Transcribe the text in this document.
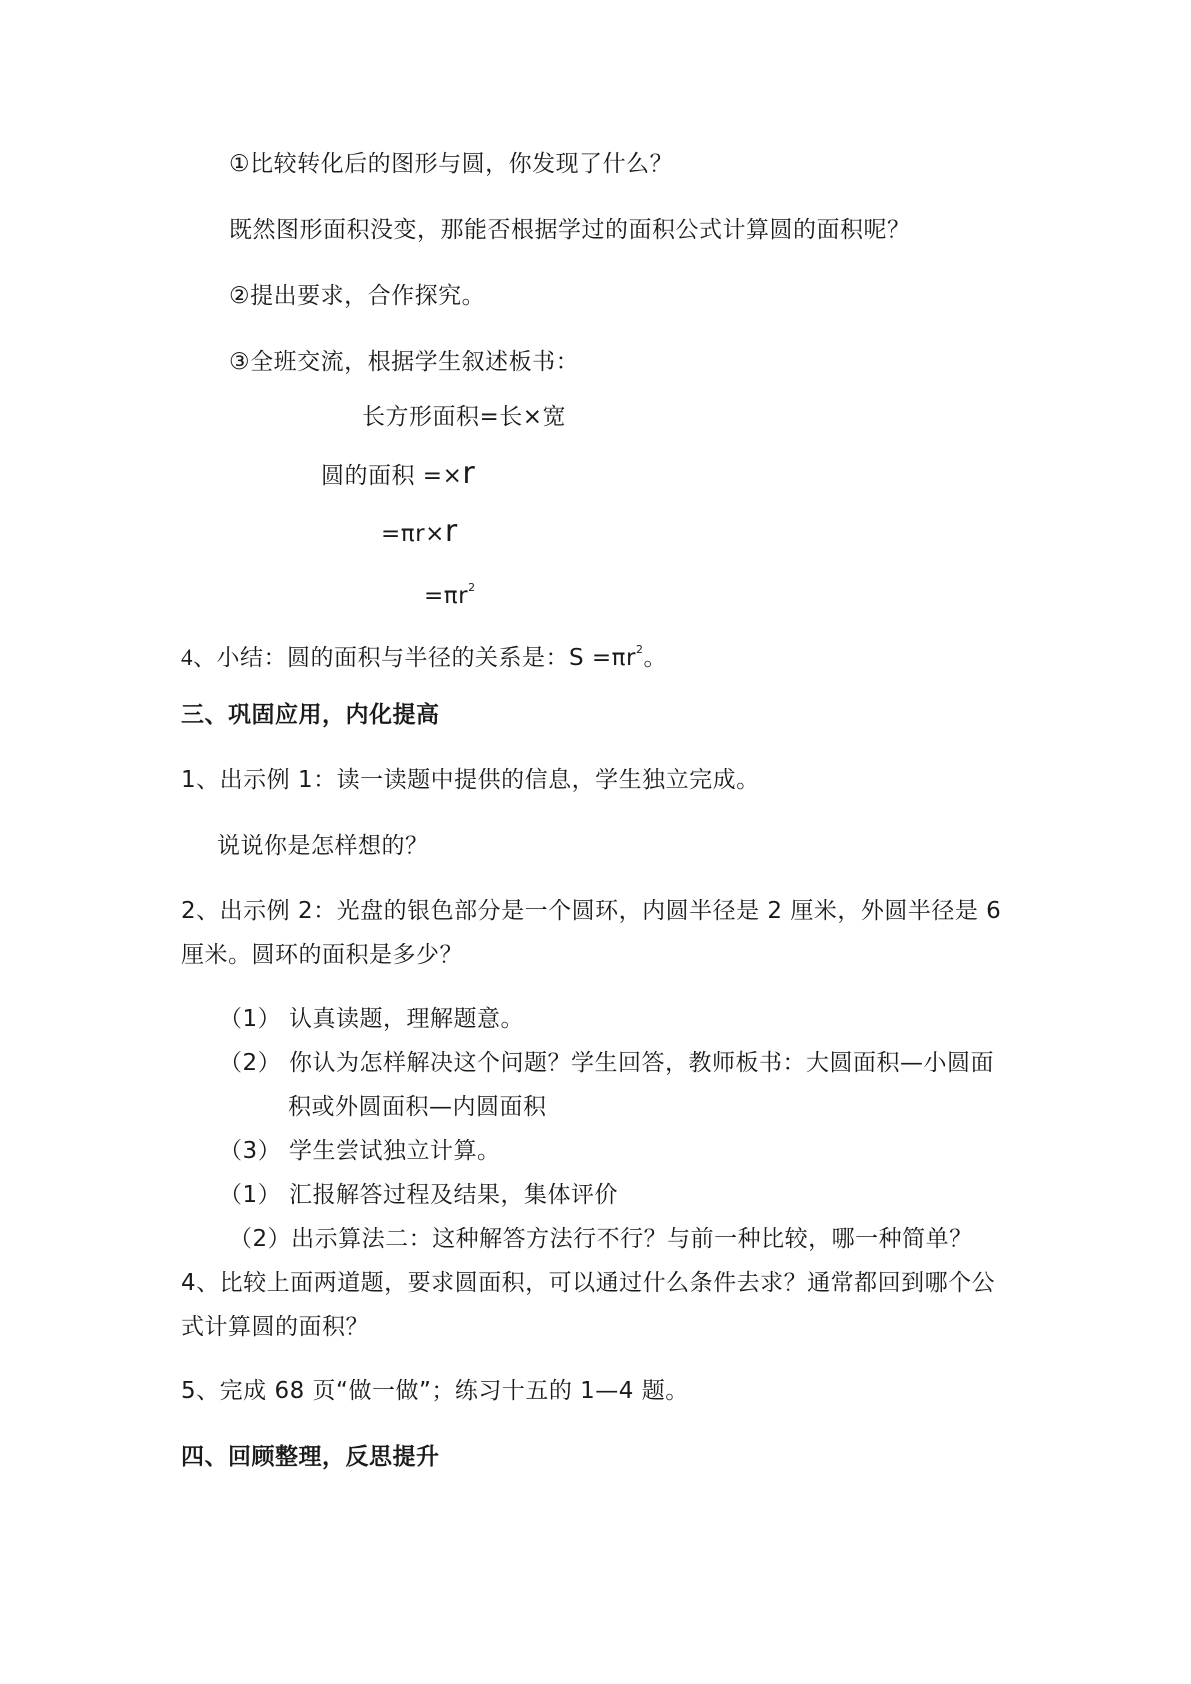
①比较转化后的图形与圆，你发现了什么？
既然图形面积没变，那能否根据学过的面积公式计算圆的面积呢？
②提出要求，合作探究。
③全班交流，根据学生叙述板书：
长方形面积=长×宽
圆的面积 =×r
=πr×r
$=\pi r^2$
4、小结：圆的面积与半径的关系是：$S =\pi r^2$。
三、巩固应用，内化提高
1、出示例 1：读一读题中提供的信息，学生独立完成。
说说你是怎样想的？
2、出示例 2：光盘的银色部分是一个圆环，内圆半径是 2 厘米，外圆半径是 6
厘米。圆环的面积是多少？
（1） 认真读题，理解题意。
（2） 你认为怎样解决这个问题？学生回答，教师板书：大圆面积—小圆面
积或外圆面积—内圆面积
（3） 学生尝试独立计算。
（1） 汇报解答过程及结果，集体评价
（2）出示算法二：这种解答方法行不行？与前一种比较，哪一种简单？
4、比较上面两道题，要求圆面积，可以通过什么条件去求？通常都回到哪个公
式计算圆的面积？
5、完成 68 页“做一做”；练习十五的 1—4 题。
四、回顾整理，反思提升
